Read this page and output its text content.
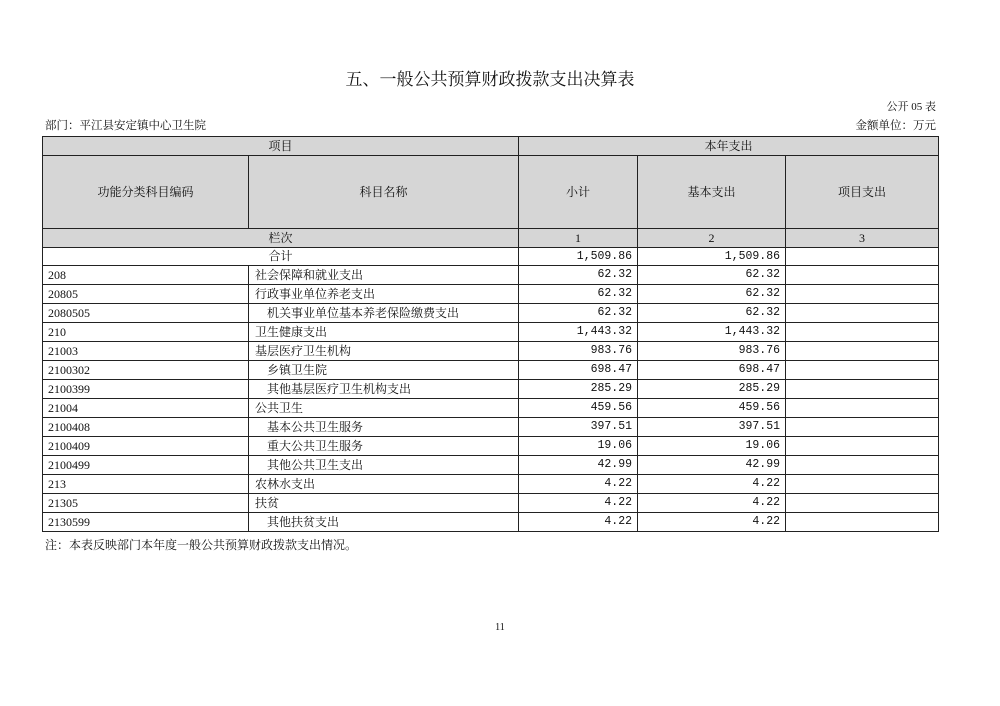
五、一般公共预算财政拨款支出决算表
公开 05 表
部门：平江县安定镇中心卫生院	金额单位：万元
项目		本年支出		
功能分类科目编码	科目名称	小计	基本支出	项目支出
栏次		1	2	3
合计		1,509.86	1,509.86	
208	社会保障和就业支出	62.32	62.32	
20805	行政事业单位养老支出	62.32	62.32	
2080505	机关事业单位基本养老保险缴费支出	62.32	62.32	
210	卫生健康支出	1,443.32	1,443.32	
21003	基层医疗卫生机构	983.76	983.76	
2100302	乡镇卫生院	698.47	698.47	
2100399	其他基层医疗卫生机构支出	285.29	285.29	
21004	公共卫生	459.56	459.56	
2100408	基本公共卫生服务	397.51	397.51	
2100409	重大公共卫生服务	19.06	19.06	
2100499	其他公共卫生支出	42.99	42.99	
213	农林水支出	4.22	4.22	
21305	扶贫	4.22	4.22	
2130599	其他扶贫支出	4.22	4.22	
注：本表反映部门本年度一般公共预算财政拨款支出情况。
11
